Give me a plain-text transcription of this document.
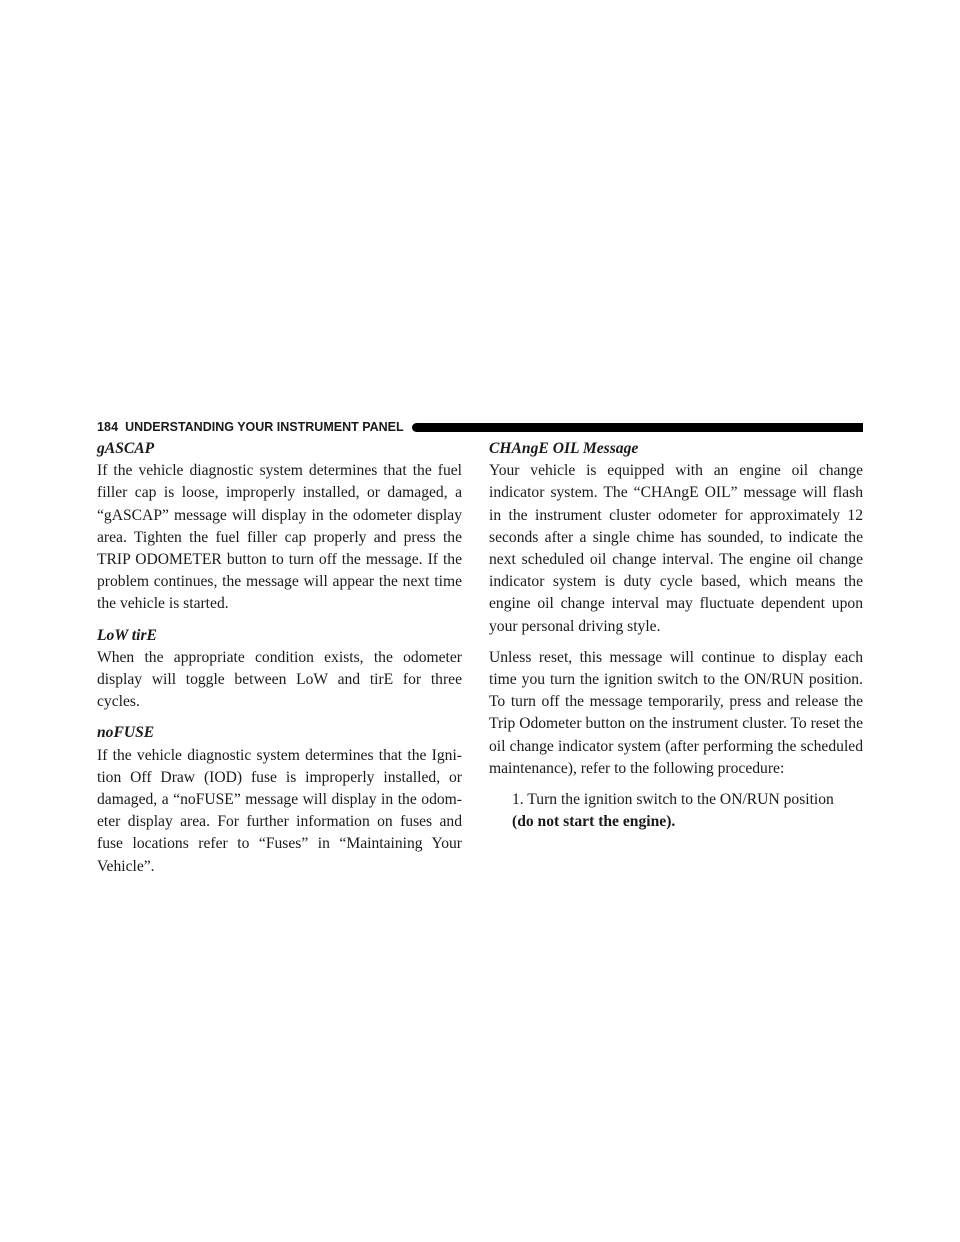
184 UNDERSTANDING YOUR INSTRUMENT PANEL

gASCAP

If the vehicle diagnostic system determines that the fuel filler cap is loose, improperly installed, or damaged, a “gASCAP” message will display in the odometer display area. Tighten the fuel filler cap properly and press the TRIP ODOMETER button to turn off the message. If the problem continues, the message will appear the next time the vehicle is started.

LoW tirE

When the appropriate condition exists, the odometer display will toggle between LoW and tirE for three cycles.

noFUSE

If the vehicle diagnostic system determines that the Igni-tion Off Draw (IOD) fuse is improperly installed, or damaged, a “noFUSE” message will display in the odom-eter display area. For further information on fuses and fuse locations refer to “Fuses” in “Maintaining Your Vehicle”.

CHAngE OIL Message

Your vehicle is equipped with an engine oil change indicator system. The “CHAngE OIL” message will flash in the instrument cluster odometer for approximately 12 seconds after a single chime has sounded, to indicate the next scheduled oil change interval. The engine oil change indicator system is duty cycle based, which means the engine oil change interval may fluctuate dependent upon your personal driving style.

Unless reset, this message will continue to display each time you turn the ignition switch to the ON/RUN position. To turn off the message temporarily, press and release the Trip Odometer button on the instrument cluster. To reset the oil change indicator system (after performing the scheduled maintenance), refer to the following procedure:

1. Turn the ignition switch to the ON/RUN position
(do not start the engine).
